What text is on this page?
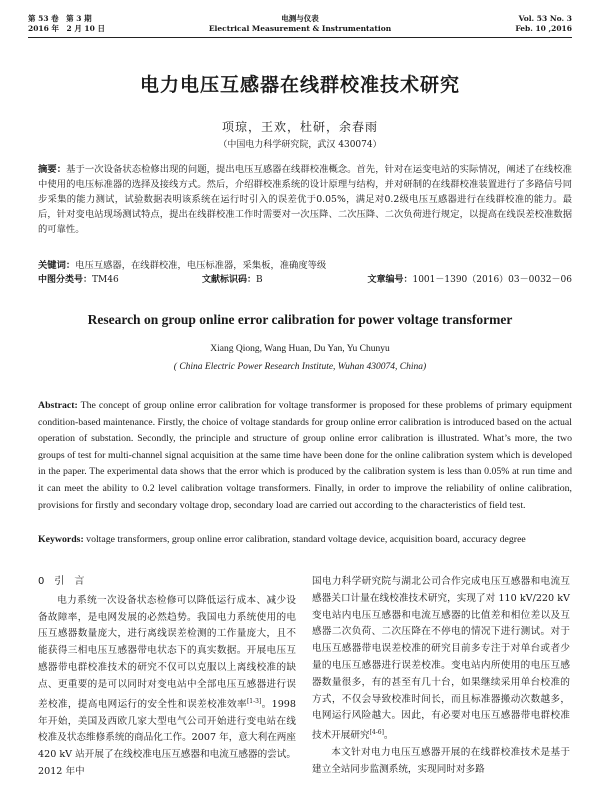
第 53 卷　第 3 期
2016 年　2 月 10 日
电测与仪表
Electrical Measurement & Instrumentation
Vol. 53 No. 3
Feb. 10 ,2016
电力电压互感器在线群校准技术研究
项琼，王欢，杜研，余春雨
（中国电力科学研究院，武汉 430074）
摘要：基于一次设备状态检修出现的问题，提出电压互感器在线群校准概念。首先，针对在运变电站的实际情况，阐述了在线校准中使用的电压标准器的选择及接线方式。然后，介绍群校准系统的设计原理与结构，并对研制的在线群校准装置进行了多路信号同步采集的能力测试，试验数据表明该系统在运行时引入的误差优于0.05%，满足对0.2级电压互感器进行在线群校准的能力。最后，针对变电站现场测试特点，提出在线群校准工作时需要对一次压降、二次压降、二次负荷进行规定，以提高在线误差校准数据的可靠性。
关键词：电压互感器，在线群校准，电压标准器，采集板，准确度等级
中图分类号：TM46	文献标识码：B	文章编号：1001－1390（2016）03－0032－06
Research on group online error calibration for power voltage transformer
Xiang Qiong, Wang Huan, Du Yan, Yu Chunyu
( China Electric Power Research Institute, Wuhan 430074, China)
Abstract: The concept of group online error calibration for voltage transformer is proposed for these problems of primary equipment condition-based maintenance. Firstly, the choice of voltage standards for group online error calibration is introduced based on the actual operation of substation. Secondly, the principle and structure of group online error calibration is illustrated. What’s more, the two groups of test for multi-channel signal acquisition at the same time have been done for the online calibration system which is developed in the paper. The experimental data shows that the error which is produced by the calibration system is less than 0.05% at run time and it can meet the ability to 0.2 level calibration voltage transformers. Finally, in order to improve the reliability of online calibration, provisions for firstly and secondary voltage drop, secondary load are carried out according to the characteristics of field test.
Keywords: voltage transformers, group online error calibration, standard voltage device, acquisition board, accuracy degree
0　引　言

电力系统一次设备状态检修可以降低运行成本、减少设备故障率，是电网发展的必然趋势。我国电力系统使用的电压互感器数量庞大，进行离线误差检测的工作量庞大，且不能获得三相电压互感器带电状态下的真实数据。开展电压互感器带电群校准技术的研究不仅可以克服以上离线校准的缺点、更重要的是可以同时对变电站中全部电压互感器进行误差校准，提高电网运行的安全性和误差校准效率[1-3]。1998 年开始，美国及西欧几家大型电气公司开始进行变电站在线校准及状态维修系统的商品化工作。2007 年，意大利在两座 420 kV 站开展了在线校准电压互感器和电流互感器的尝试。2012 年中

国电力科学研究院与湖北公司合作完成电压互感器和电流互感器关口计量在线校准技术研究，实现了对 110 kV/220 kV 变电站内电压互感器和电流互感器的比值差和相位差以及互感器二次负荷、二次压降在不停电的情况下进行测试。对于电压互感器带电误差校准的研究目前多专注于对单台或者少量的电压互感器进行误差校准。变电站内所使用的电压互感器数量很多，有的甚至有几十台，如果继续采用单台校准的方式，不仅会导致校准时间长，而且标准器搬动次数越多，电网运行风险越大。因此，有必要对电压互感器带电群校准技术开展研究[4-6]。

本文针对电力电压互感器开展的在线群校准技术是基于建立全站同步监测系统，实现同时对多路
